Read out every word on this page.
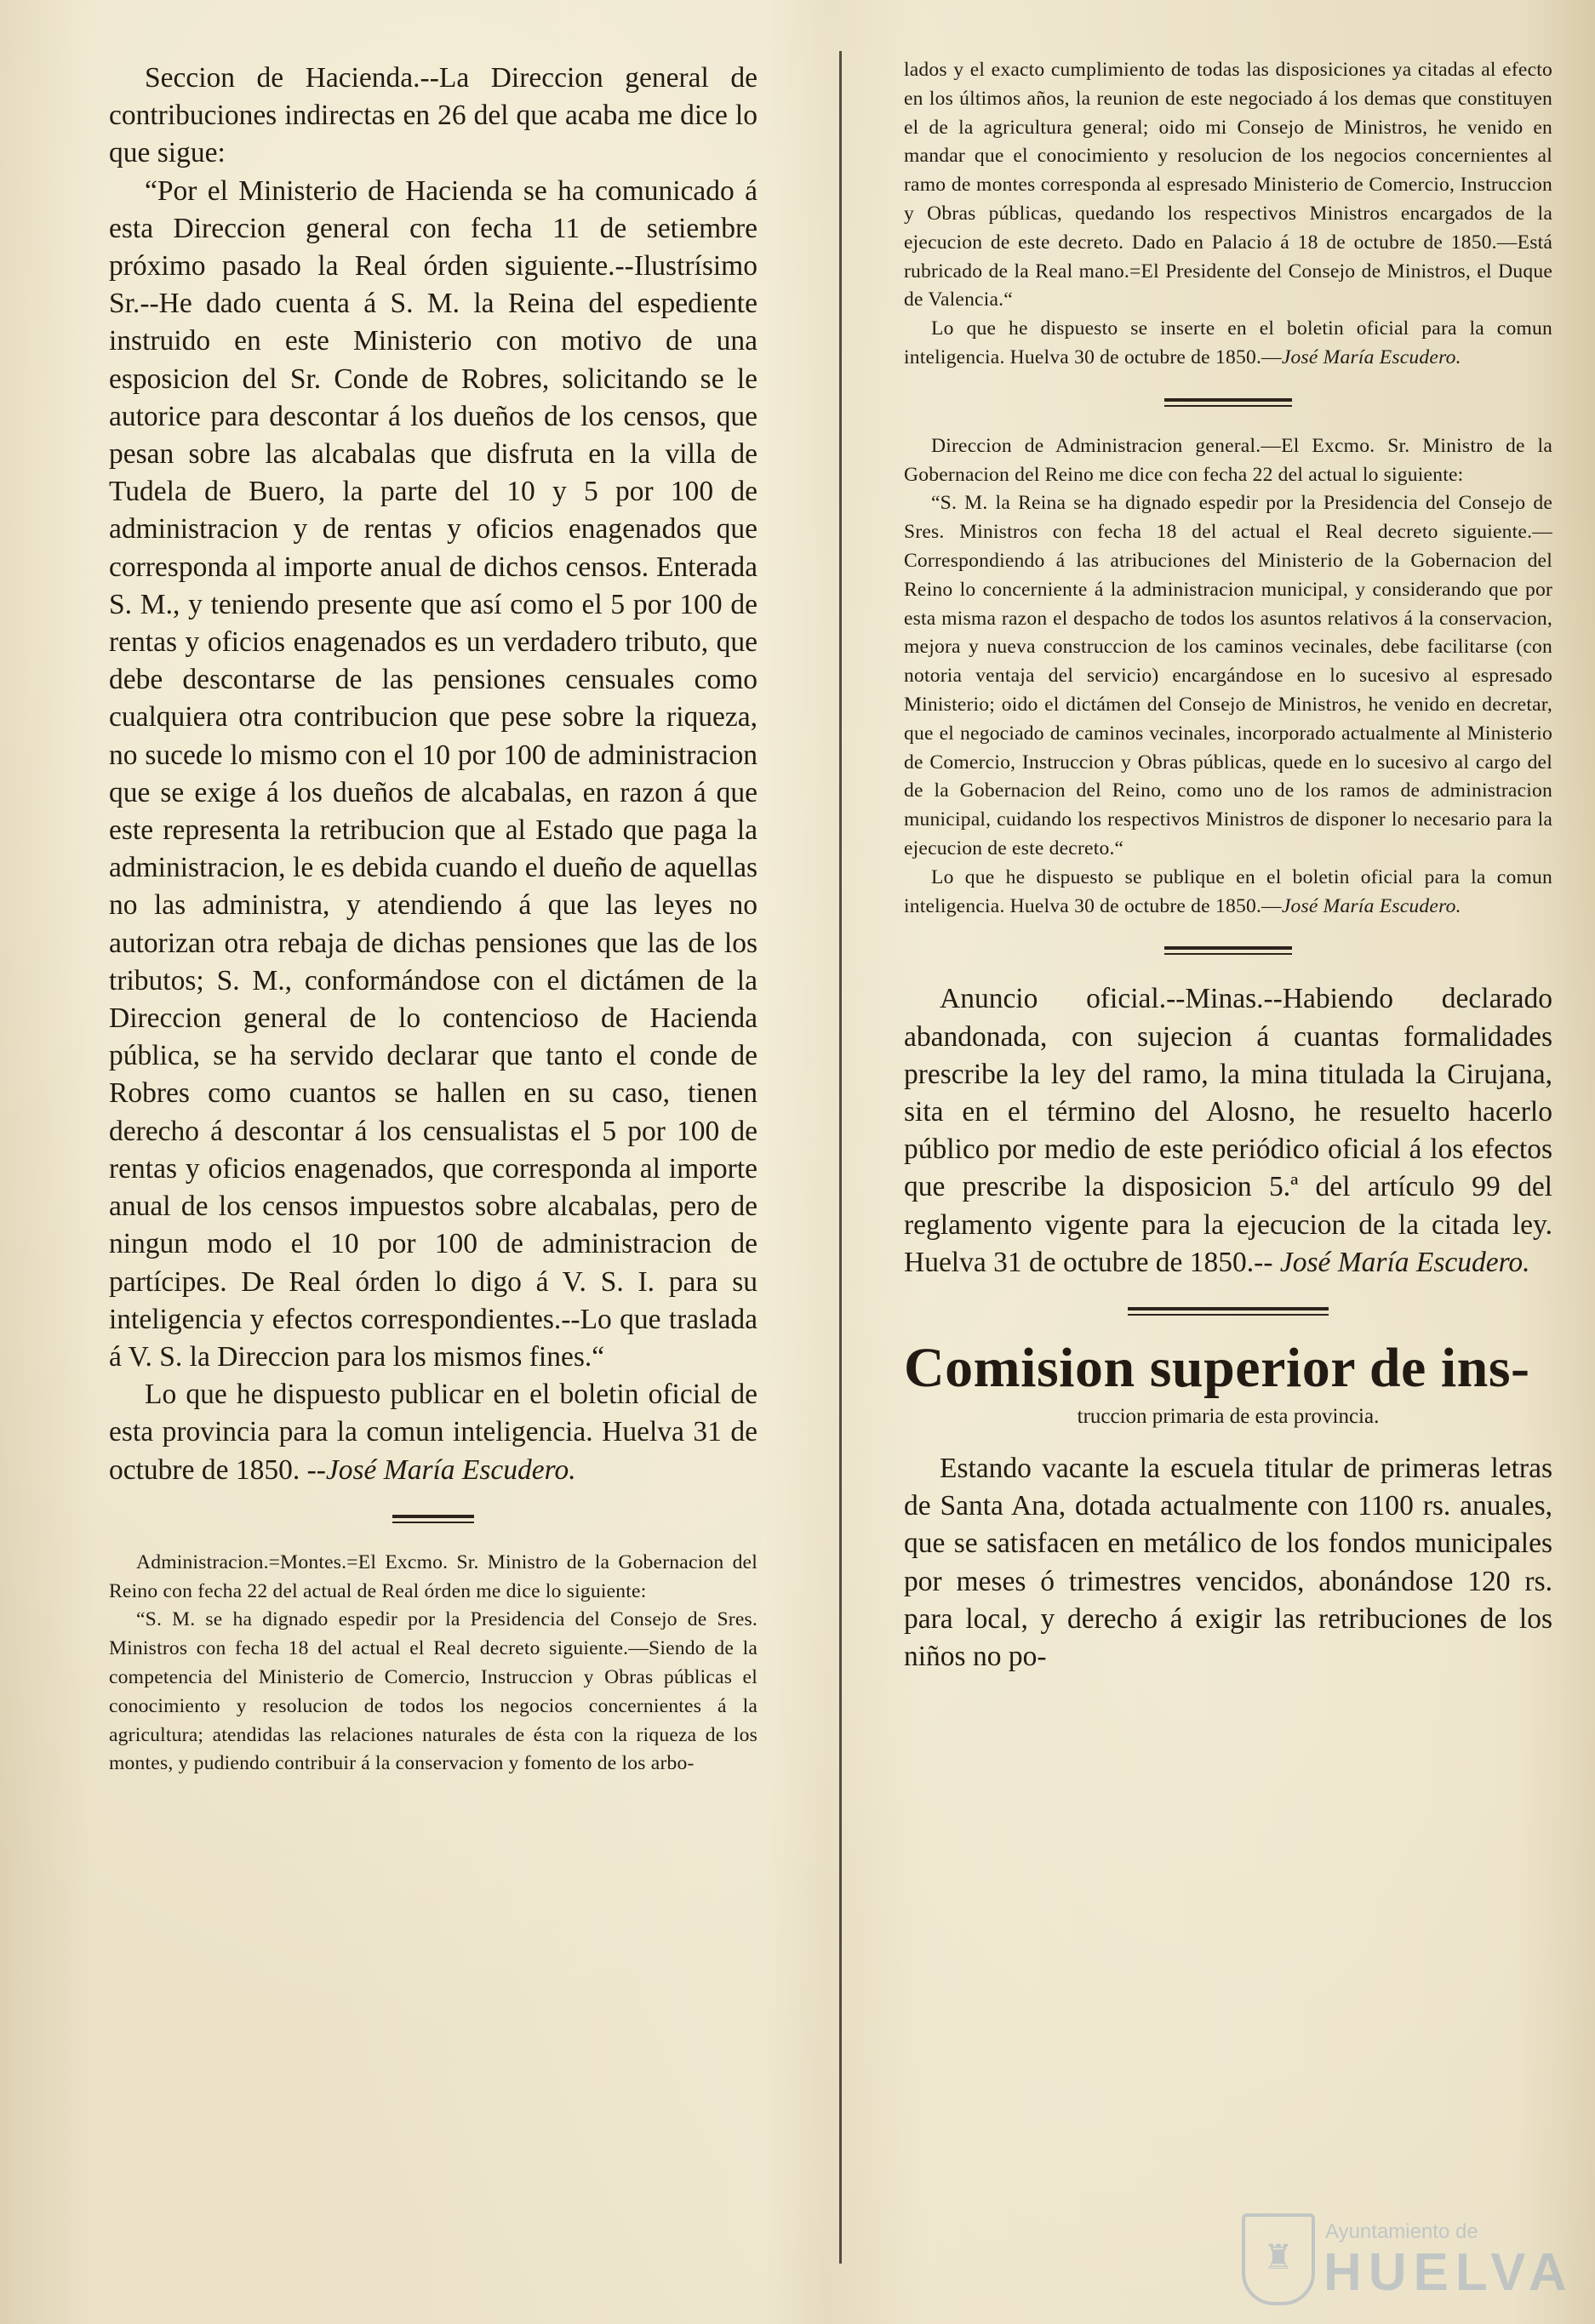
Seccion de Hacienda.--La Direccion general de contribuciones indirectas en 26 del que acaba me dice lo que sigue:

“Por el Ministerio de Hacienda se ha comunicado á esta Direccion general con fecha 11 de setiembre próximo pasado la Real órden siguiente.--Ilustrísimo Sr.--He dado cuenta á S. M. la Reina del espediente instruido en este Ministerio con motivo de una esposicion del Sr. Conde de Robres, solicitando se le autorice para descontar á los dueños de los censos, que pesan sobre las alcabalas que disfruta en la villa de Tudela de Buero, la parte del 10 y 5 por 100 de administracion y de rentas y oficios enagenados que corresponda al importe anual de dichos censos. Enterada S. M., y teniendo presente que así como el 5 por 100 de rentas y oficios enagenados es un verdadero tributo, que debe descontarse de las pensiones censuales como cualquiera otra contribucion que pese sobre la riqueza, no sucede lo mismo con el 10 por 100 de administracion que se exige á los dueños de alcabalas, en razon á que este representa la retribucion que al Estado que paga la administracion, le es debida cuando el dueño de aquellas no las administra, y atendiendo á que las leyes no autorizan otra rebaja de dichas pensiones que las de los tributos; S. M., conformándose con el dictámen de la Direccion general de lo contencioso de Hacienda pública, se ha servido declarar que tanto el conde de Robres como cuantos se hallen en su caso, tienen derecho á descontar á los censualistas el 5 por 100 de rentas y oficios enagenados, que corresponda al importe anual de los censos impuestos sobre alcabalas, pero de ningun modo el 10 por 100 de administracion de partícipes. De Real órden lo digo á V. S. I. para su inteligencia y efectos correspondientes.--Lo que traslada á V. S. la Direccion para los mismos fines.“

Lo que he dispuesto publicar en el boletin oficial de esta provincia para la comun inteligencia. Huelva 31 de octubre de 1850. --José María Escudero.

Administracion.=Montes.=El Excmo. Sr. Ministro de la Gobernacion del Reino con fecha 22 del actual de Real órden me dice lo siguiente:

“S. M. se ha dignado espedir por la Presidencia del Consejo de Sres. Ministros con fecha 18 del actual el Real decreto siguiente.—Siendo de la competencia del Ministerio de Comercio, Instruccion y Obras públicas el conocimiento y resolucion de todos los negocios concernientes á la agricultura; atendidas las relaciones naturales de ésta con la riqueza de los montes, y pudiendo contribuir á la conservacion y fomento de los arbo-

lados y el exacto cumplimiento de todas las disposiciones ya citadas al efecto en los últimos años, la reunion de este negociado á los demas que constituyen el de la agricultura general; oido mi Consejo de Ministros, he venido en mandar que el conocimiento y resolucion de los negocios concernientes al ramo de montes corresponda al espresado Ministerio de Comercio, Instruccion y Obras públicas, quedando los respectivos Ministros encargados de la ejecucion de este decreto. Dado en Palacio á 18 de octubre de 1850.—Está rubricado de la Real mano.=El Presidente del Consejo de Ministros, el Duque de Valencia.“

Lo que he dispuesto se inserte en el boletin oficial para la comun inteligencia. Huelva 30 de octubre de 1850.—José María Escudero.

Direccion de Administracion general.—El Excmo. Sr. Ministro de la Gobernacion del Reino me dice con fecha 22 del actual lo siguiente:

“S. M. la Reina se ha dignado espedir por la Presidencia del Consejo de Sres. Ministros con fecha 18 del actual el Real decreto siguiente.—Correspondiendo á las atribuciones del Ministerio de la Gobernacion del Reino lo concerniente á la administracion municipal, y considerando que por esta misma razon el despacho de todos los asuntos relativos á la conservacion, mejora y nueva construccion de los caminos vecinales, debe facilitarse (con notoria ventaja del servicio) encargándose en lo sucesivo al espresado Ministerio; oido el dictámen del Consejo de Ministros, he venido en decretar, que el negociado de caminos vecinales, incorporado actualmente al Ministerio de Comercio, Instruccion y Obras públicas, quede en lo sucesivo al cargo del de la Gobernacion del Reino, como uno de los ramos de administracion municipal, cuidando los respectivos Ministros de disponer lo necesario para la ejecucion de este decreto.“

Lo que he dispuesto se publique en el boletin oficial para la comun inteligencia. Huelva 30 de octubre de 1850.—José María Escudero.

Anuncio oficial.--Minas.--Habiendo declarado abandonada, con sujecion á cuantas formalidades prescribe la ley del ramo, la mina titulada la Cirujana, sita en el término del Alosno, he resuelto hacerlo público por medio de este periódico oficial á los efectos que prescribe la disposicion 5.ª del artículo 99 del reglamento vigente para la ejecucion de la citada ley. Huelva 31 de octubre de 1850.-- José María Escudero.

Comision superior de ins-
truccion primaria de esta provincia.

Estando vacante la escuela titular de primeras letras de Santa Ana, dotada actualmente con 1100 rs. anuales, que se satisfacen en metálico de los fondos municipales por meses ó trimestres vencidos, abonándose 120 rs. para local, y derecho á exigir las retribuciones de los niños no po-

♜
Ayuntamiento de
HUELVA
